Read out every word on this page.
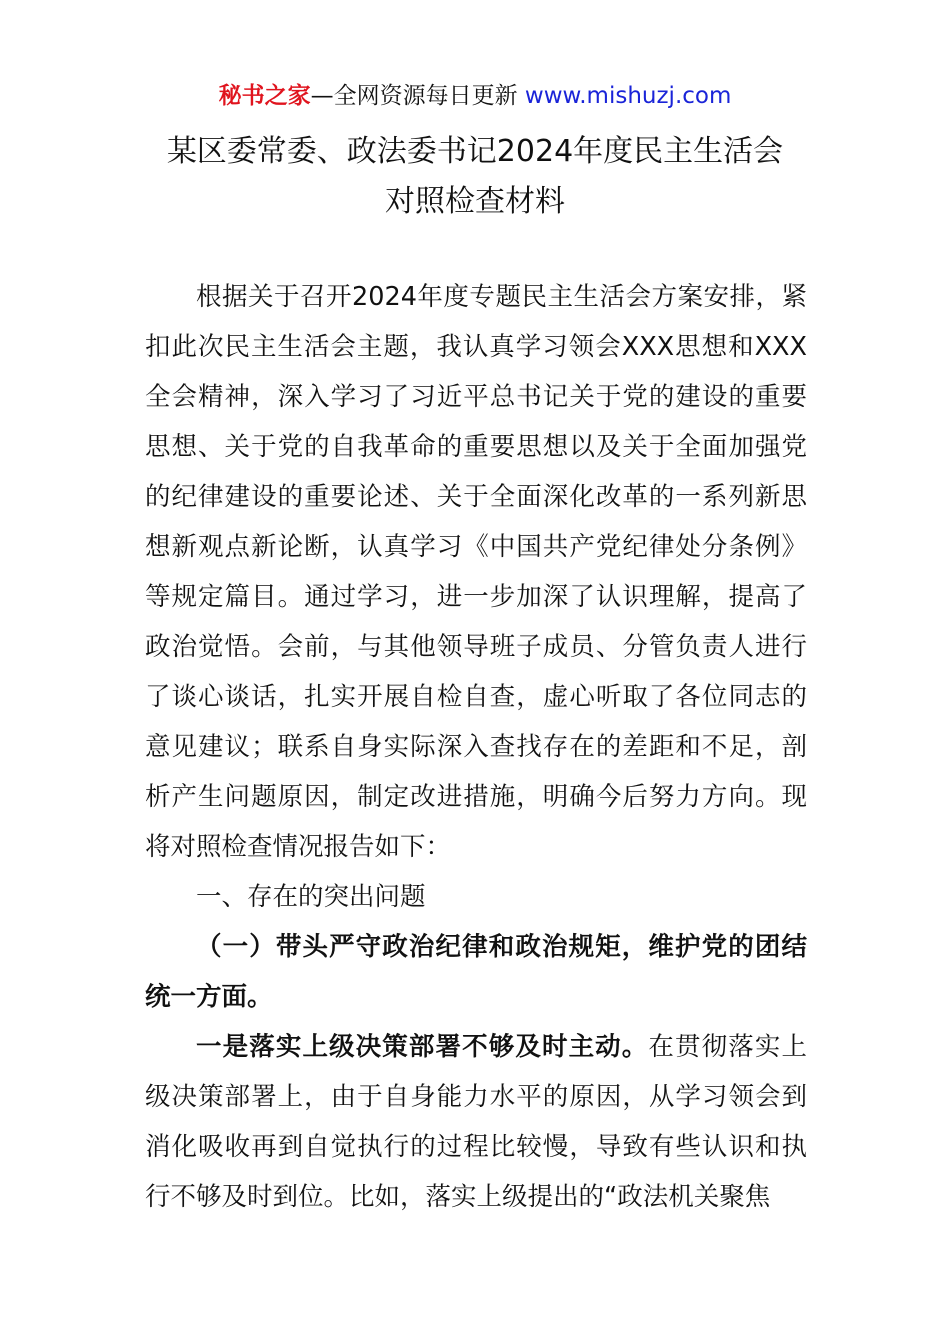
秘书之家—全网资源每日更新 www.mishuzj.com
某区委常委、政法委书记2024年度民主生活会
对照检查材料

根据关于召开2024年度专题民主生活会方案安排，紧扣此次民主生活会主题，我认真学习领会XXX思想和XXX全会精神，深入学习了习近平总书记关于党的建设的重要思想、关于党的自我革命的重要思想以及关于全面加强党的纪律建设的重要论述、关于全面深化改革的一系列新思想新观点新论断，认真学习《中国共产党纪律处分条例》等规定篇目。通过学习，进一步加深了认识理解，提高了政治觉悟。会前，与其他领导班子成员、分管负责人进行了谈心谈话，扎实开展自检自查，虚心听取了各位同志的意见建议；联系自身实际深入查找存在的差距和不足，剖析产生问题原因，制定改进措施，明确今后努力方向。现将对照检查情况报告如下：

一、存在的突出问题

（一）带头严守政治纪律和政治规矩，维护党的团结统一方面。

一是落实上级决策部署不够及时主动。在贯彻落实上级决策部署上，由于自身能力水平的原因，从学习领会到消化吸收再到自觉执行的过程比较慢，导致有些认识和执行不够及时到位。比如，落实上级提出的“政法机关聚焦
